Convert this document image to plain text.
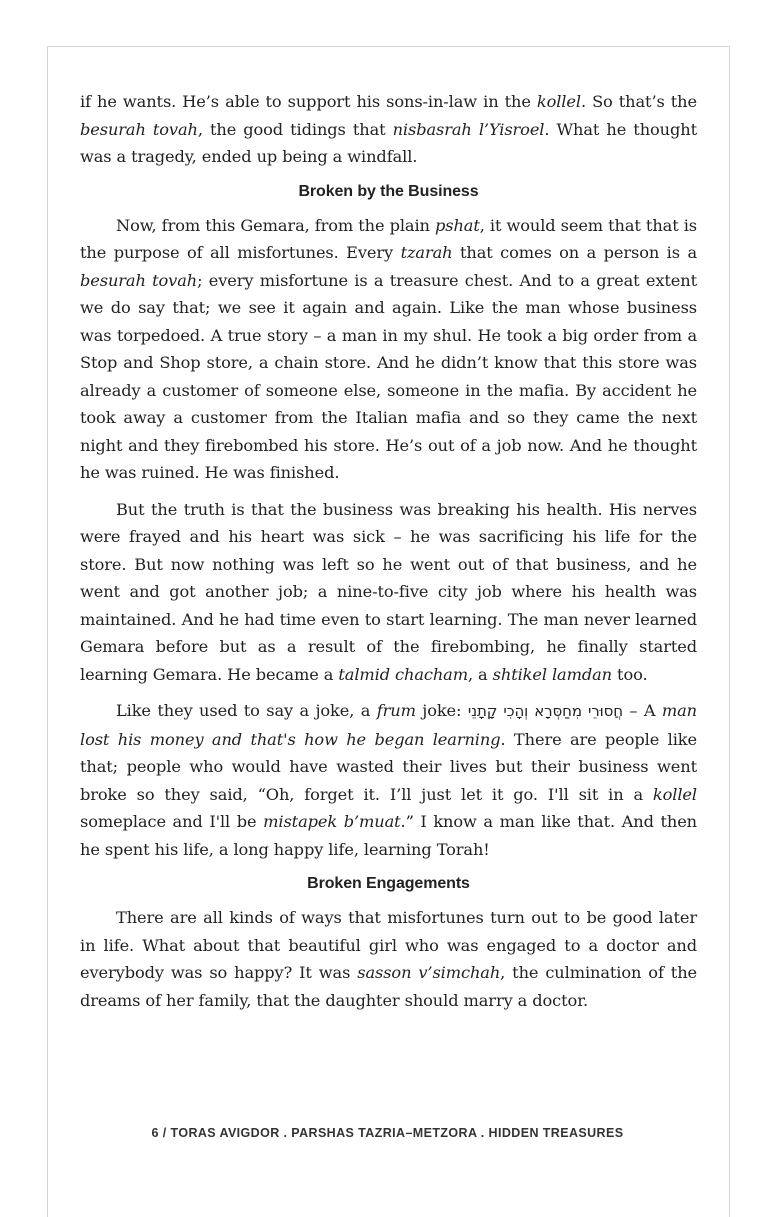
if he wants. He’s able to support his sons-in-law in the kollel. So that’s the besurah tovah, the good tidings that nisbasrah l’Yisroel. What he thought was a tragedy, ended up being a windfall.

Broken by the Business

Now, from this Gemara, from the plain pshat, it would seem that that is the purpose of all misfortunes. Every tzarah that comes on a person is a besurah tovah; every misfortune is a treasure chest. And to a great extent we do say that; we see it again and again. Like the man whose business was torpedoed. A true story – a man in my shul. He took a big order from a Stop and Shop store, a chain store. And he didn’t know that this store was already a customer of someone else, someone in the mafia. By accident he took away a customer from the Italian mafia and so they came the next night and they firebombed his store. He’s out of a job now. And he thought he was ruined. He was finished.

But the truth is that the business was breaking his health. His nerves were frayed and his heart was sick – he was sacrificing his life for the store. But now nothing was left so he went out of that business, and he went and got another job; a nine-to-five city job where his health was maintained. And he had time even to start learning. The man never learned Gemara before but as a result of the firebombing, he finally started learning Gemara. He became a talmid chacham, a shtikel lamdan too.

Like they used to say a joke, a frum joke: חֲסוּרֵי מִחַסְּרָא וְהָכִי קָתָנֵי – A man lost his money and that's how he began learning. There are people like that; people who would have wasted their lives but their business went broke so they said, “Oh, forget it. I’ll just let it go. I'll sit in a kollel someplace and I'll be mistapek b’muat.” I know a man like that. And then he spent his life, a long happy life, learning Torah!

Broken Engagements

There are all kinds of ways that misfortunes turn out to be good later in life. What about that beautiful girl who was engaged to a doctor and everybody was so happy? It was sasson v’simchah, the culmination of the dreams of her family, that the daughter should marry a doctor.

6 / TORAS AVIGDOR . PARSHAS TAZRIA–METZORA . HIDDEN TREASURES
